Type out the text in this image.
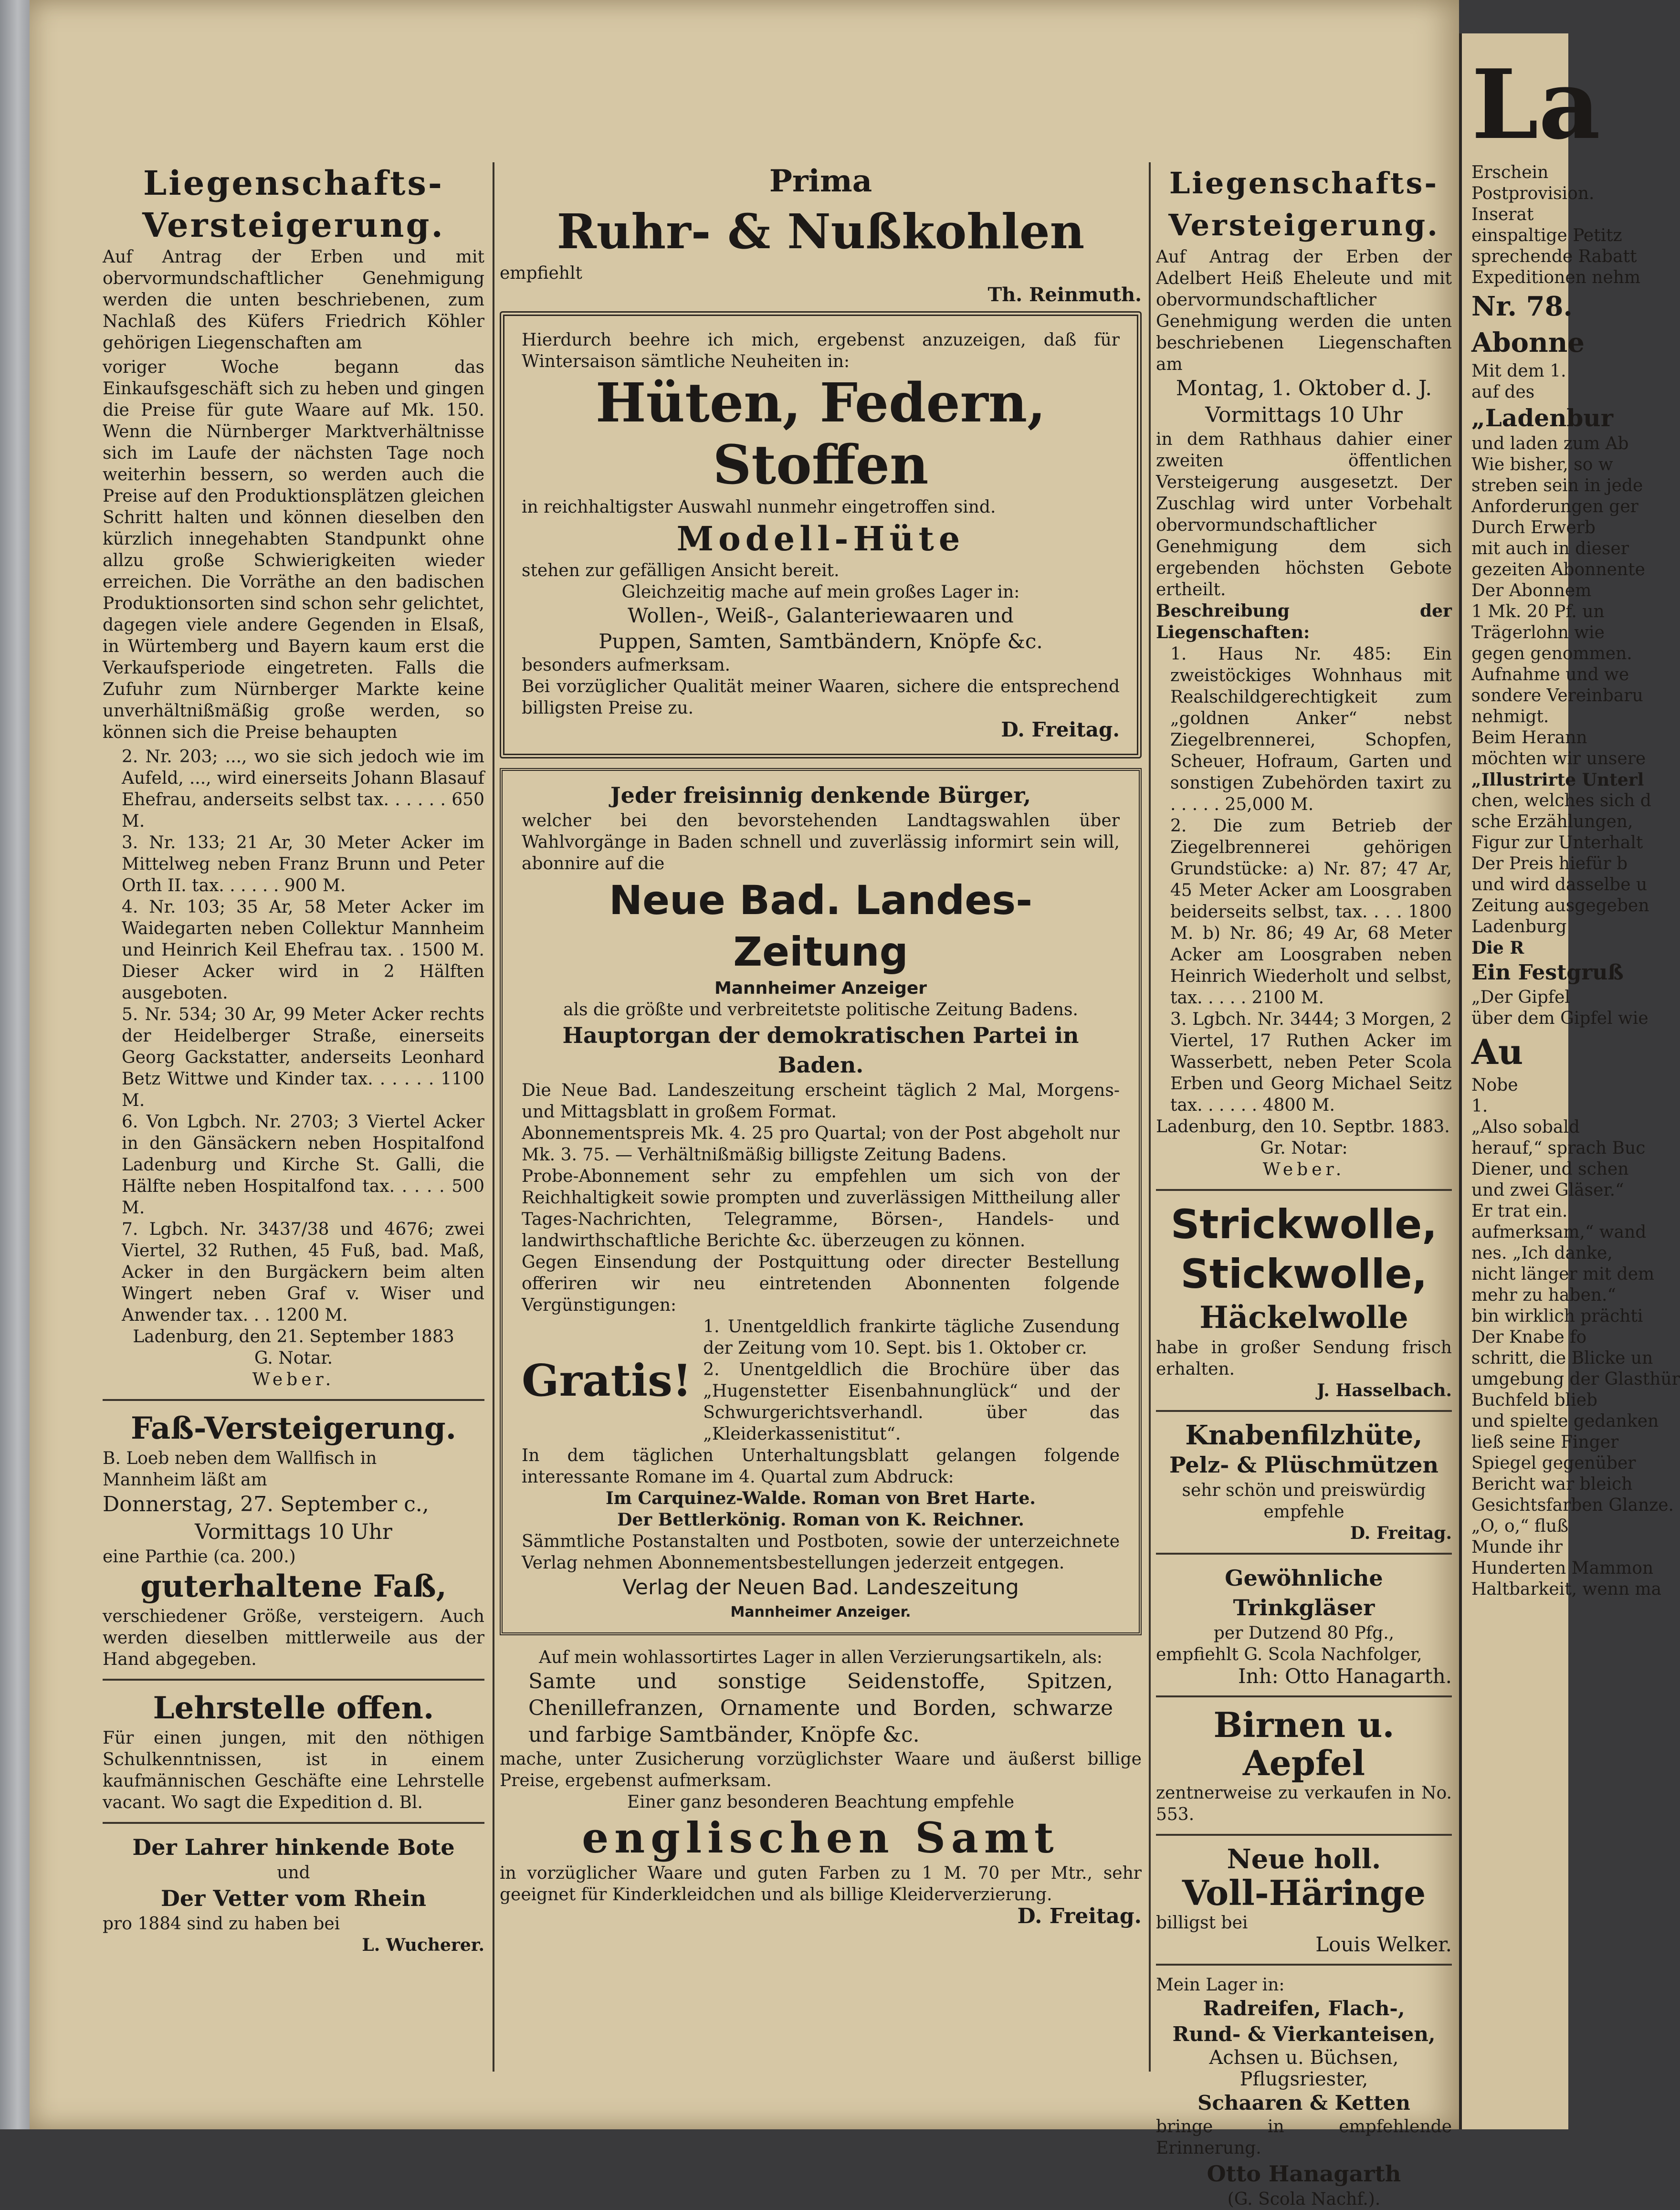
Liegenschafts-

Versteigerung.

Auf Antrag der Erben und mit obervormundschaftlicher Genehmigung werden die unten beschriebenen, zum Nachlaß des Küfers Friedrich Köhler gehörigen Liegenschaften am

voriger Woche begann das Einkaufsgeschäft sich zu heben und gingen die Preise für gute Waare auf Mk. 150. Wenn die Nürnberger Marktverhältnisse sich im Laufe der nächsten Tage noch weiterhin bessern, so werden auch die Preise auf den Produktionsplätzen gleichen Schritt halten und können dieselben den kürzlich innegehabten Standpunkt ohne allzu große Schwierigkeiten wieder erreichen. Die Vorräthe an den badischen Produktionsorten sind schon sehr gelichtet, dagegen viele andere Gegenden in Elsaß, in Würtemberg und Bayern kaum erst die Verkaufsperiode eingetreten. Falls die Zufuhr zum Nürnberger Markte keine unverhältnißmäßig große werden, so können sich die Preise behaupten

2. Nr. 203; ..., wo sie sich jedoch wie im Aufeld, ..., wird einerseits Johann Blasauf Ehefrau, anderseits selbst tax. . . . . . 650 M.

3. Nr. 133; 21 Ar, 30 Meter Acker im Mittelweg neben Franz Brunn und Peter Orth II. tax. . . . . . 900 M.

4. Nr. 103; 35 Ar, 58 Meter Acker im Waidegarten neben Collektur Mannheim und Heinrich Keil Ehefrau tax. . 1500 M. Dieser Acker wird in 2 Hälften ausgeboten.

5. Nr. 534; 30 Ar, 99 Meter Acker rechts der Heidelberger Straße, einerseits Georg Gackstatter, anderseits Leonhard Betz Wittwe und Kinder tax. . . . . . 1100 M.

6. Von Lgbch. Nr. 2703; 3 Viertel Acker in den Gänsäckern neben Hospitalfond Ladenburg und Kirche St. Galli, die Hälfte neben Hospitalfond tax. . . . . 500 M.

7. Lgbch. Nr. 3437/38 und 4676; zwei Viertel, 32 Ruthen, 45 Fuß, bad. Maß, Acker in den Burgäckern beim alten Wingert neben Graf v. Wiser und Anwender tax. . . 1200 M.

Ladenburg, den 21. September 1883

G. Notar.

Weber.

Faß-Versteigerung.

B. Loeb neben dem Wallfisch in

Mannheim läßt am

Donnerstag, 27. September c.,

Vormittags 10 Uhr

eine Parthie (ca. 200.)

guterhaltene Faß,

verschiedener Größe, versteigern. Auch werden dieselben mittlerweile aus der Hand abgegeben.

Lehrstelle offen.

Für einen jungen, mit den nöthigen Schulkenntnissen, ist in einem kaufmännischen Geschäfte eine Lehrstelle vacant. Wo sagt die Expedition d. Bl.

Der Lahrer hinkende Bote

und

Der Vetter vom Rhein

pro 1884 sind zu haben bei

L. Wucherer.

Prima

Ruhr- & Nußkohlen

empfiehlt

Th. Reinmuth.

Hierdurch beehre ich mich, ergebenst anzuzeigen, daß für Wintersaison sämtliche Neuheiten in:

Hüten, Federn, Stoffen

in reichhaltigster Auswahl nunmehr eingetroffen sind.

Modell-Hüte

stehen zur gefälligen Ansicht bereit.

Gleichzeitig mache auf mein großes Lager in:

Wollen-, Weiß-, Galanteriewaaren und

Puppen, Samten, Samtbändern, Knöpfe &c.

besonders aufmerksam.

Bei vorzüglicher Qualität meiner Waaren, sichere die entsprechend billigsten Preise zu.

D. Freitag.

Jeder freisinnig denkende Bürger,

welcher bei den bevorstehenden Landtagswahlen über Wahlvorgänge in Baden schnell und zuverlässig informirt sein will, abonnire auf die

Neue Bad. Landes-Zeitung

Mannheimer Anzeiger

als die größte und verbreitetste politische Zeitung Badens.

Hauptorgan der demokratischen Partei in Baden.

Die Neue Bad. Landeszeitung erscheint täglich 2 Mal, Morgens- und Mittagsblatt in großem Format.

Abonnementspreis Mk. 4. 25 pro Quartal; von der Post abgeholt nur Mk. 3. 75. — Verhältnißmäßig billigste Zeitung Badens.

Probe-Abonnement sehr zu empfehlen um sich von der Reichhaltigkeit sowie prompten und zuverlässigen Mittheilung aller Tages-Nachrichten, Telegramme, Börsen-, Handels- und landwirthschaftliche Berichte &c. überzeugen zu können.

Gegen Einsendung der Postquittung oder directer Bestellung offeriren wir neu eintretenden Abonnenten folgende Vergünstigungen:

Gratis!

1. Unentgeldlich frankirte tägliche Zusendung der Zeitung vom 10. Sept. bis 1. Oktober cr.

2. Unentgeldlich die Brochüre über das „Hugenstetter Eisenbahnunglück“ und der Schwurgerichtsverhandl. über das „Kleiderkassenistitut“.

In dem täglichen Unterhaltungsblatt gelangen folgende interessante Romane im 4. Quartal zum Abdruck:

Im Carquinez-Walde. Roman von Bret Harte.

Der Bettlerkönig. Roman von K. Reichner.

Sämmtliche Postanstalten und Postboten, sowie der unterzeichnete Verlag nehmen Abonnementsbestellungen jederzeit entgegen.

Verlag der Neuen Bad. Landeszeitung

Mannheimer Anzeiger.

Auf mein wohlassortirtes Lager in allen Verzierungsartikeln, als:

Samte und sonstige Seidenstoffe, Spitzen, Chenillefranzen, Ornamente und Borden, schwarze und farbige Samtbänder, Knöpfe &c.

mache, unter Zusicherung vorzüglichster Waare und äußerst billige Preise, ergebenst aufmerksam.

Einer ganz besonderen Beachtung empfehle

englischen Samt

in vorzüglicher Waare und guten Farben zu 1 M. 70 per Mtr., sehr geeignet für Kinderkleidchen und als billige Kleiderverzierung.

D. Freitag.

Liegenschafts-

Versteigerung.

Auf Antrag der Erben der Adelbert Heiß Eheleute und mit obervormundschaftlicher Genehmigung werden die unten beschriebenen Liegenschaften am

Montag, 1. Oktober d. J.

Vormittags 10 Uhr

in dem Rathhaus dahier einer zweiten öffentlichen Versteigerung ausgesetzt. Der Zuschlag wird unter Vorbehalt obervormundschaftlicher Genehmigung dem sich ergebenden höchsten Gebote ertheilt.

Beschreibung der Liegenschaften:

1. Haus Nr. 485: Ein zweistöckiges Wohnhaus mit Realschildgerechtigkeit zum „goldnen Anker“ nebst Ziegelbrennerei, Schopfen, Scheuer, Hofraum, Garten und sonstigen Zubehörden taxirt zu . . . . . 25,000 M.

2. Die zum Betrieb der Ziegelbrennerei gehörigen Grundstücke: a) Nr. 87; 47 Ar, 45 Meter Acker am Loosgraben beiderseits selbst, tax. . . . 1800 M. b) Nr. 86; 49 Ar, 68 Meter Acker am Loosgraben neben Heinrich Wiederholt und selbst, tax. . . . . 2100 M.

3. Lgbch. Nr. 3444; 3 Morgen, 2 Viertel, 17 Ruthen Acker im Wasserbett, neben Peter Scola Erben und Georg Michael Seitz tax. . . . . . 4800 M.

Ladenburg, den 10. Septbr. 1883.

Gr. Notar:

Weber.

Strickwolle,

Stickwolle,

Häckelwolle

habe in großer Sendung frisch erhalten.

J. Hasselbach.

Knabenfilzhüte,

Pelz- & Plüschmützen

sehr schön und preiswürdig empfehle

D. Freitag.

Gewöhnliche Trinkgläser

per Dutzend 80 Pfg.,

empfiehlt G. Scola Nachfolger,

Inh: Otto Hanagarth.

Birnen u. Aepfel

zentnerweise zu verkaufen in No. 553.

Neue holl.

Voll-Häringe

billigst bei

Louis Welker.

Mein Lager in:

Radreifen, Flach-,

Rund- & Vierkanteisen,

Achsen u. Büchsen, Pflugsriester,

Schaaren & Ketten

bringe in empfehlende Erinnerung.

Otto Hanagarth

(G. Scola Nachf.).

La

Erschein

Postprovision.

Inserat

einspaltige Petitz

sprechende Rabatt

Expeditionen nehm

Nr. 78.

Abonne

Mit dem 1.

auf des

„Ladenbur

und laden zum Ab

Wie bisher, so w

streben sein in jede

Anforderungen ger

Durch Erwerb

mit auch in dieser

gezeiten Abonnente

Der Abonnem

1 Mk. 20 Pf. un

Trägerlohn wie

gegen genommen.

Aufnahme und we

sondere Vereinbaru

nehmigt.

Beim Herann

möchten wir unsere

„Illustrirte Unterl

chen, welches sich d

sche Erzählungen,

Figur zur Unterhalt

Der Preis hiefür b

und wird dasselbe u

Zeitung ausgegeben

Ladenburg

Die R

Ein Festgruß

„Der Gipfel

über dem Gipfel wie

Au

Nobe

1.

„Also sobald

herauf,“ sprach Buc

Diener, und schen

und zwei Gläser.“

Er trat ein.

aufmerksam,“ wand

nes. „Ich danke,

nicht länger mit dem

mehr zu haben.“

bin wirklich prächti

Der Knabe fo

schritt, die Blicke un

umgebung der Glasthür

Buchfeld blieb

und spielte gedanken

ließ seine Finger

Spiegel gegenüber

Bericht war bleich

Gesichtsfarben Glanze.

„O, o,“ fluß

Munde ihr

Hunderten Mammon

Haltbarkeit, wenn ma
